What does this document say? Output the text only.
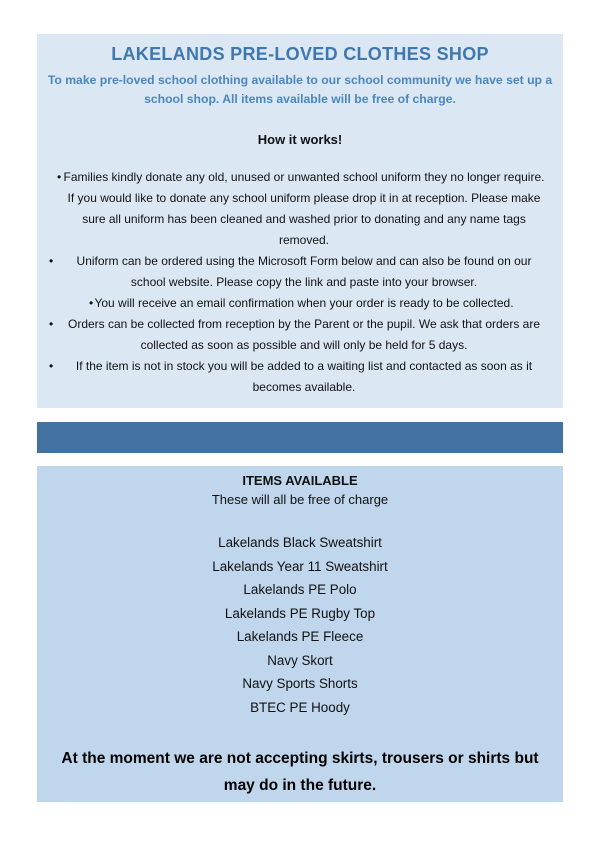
LAKELANDS PRE-LOVED CLOTHES SHOP
To make pre-loved school clothing available to our school community we have set up a school shop. All items available will be free of charge.
How it works!
• Families kindly donate any old, unused or unwanted school uniform they no longer require. If you would like to donate any school uniform please drop it in at reception. Please make sure all uniform has been cleaned and washed prior to donating and any name tags removed.
• Uniform can be ordered using the Microsoft Form below and can also be found on our school website. Please copy the link and paste into your browser.
• You will receive an email confirmation when your order is ready to be collected.
• Orders can be collected from reception by the Parent or the pupil. We ask that orders are collected as soon as possible and will only be held for 5 days.
• If the item is not in stock you will be added to a waiting list and contacted as soon as it becomes available.
ITEMS AVAILABLE
These will all be free of charge
Lakelands Black Sweatshirt
Lakelands Year 11 Sweatshirt
Lakelands PE Polo
Lakelands PE Rugby Top
Lakelands PE Fleece
Navy Skort
Navy Sports Shorts
BTEC PE Hoody
At the moment we are not accepting skirts, trousers or shirts but may do in the future.
